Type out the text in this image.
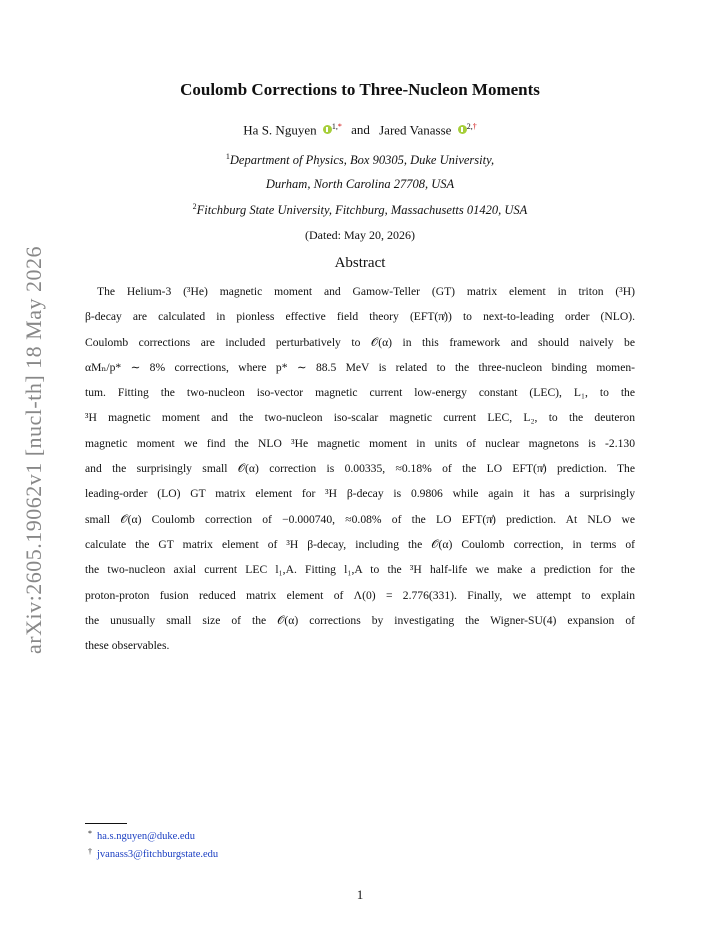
arXiv:2605.19062v1 [nucl-th] 18 May 2026
Coulomb Corrections to Three-Nucleon Moments
Ha S. Nguyen $^{1,*}$ and Jared Vanasse $^{2,\dagger}$
$^1$Department of Physics, Box 90305, Duke University,
Durham, North Carolina 27708, USA
$^2$Fitchburg State University, Fitchburg, Massachusetts 01420, USA
(Dated: May 20, 2026)
Abstract
The Helium-3 (³He) magnetic moment and Gamow-Teller (GT) matrix element in triton (³H)
β-decay are calculated in pionless effective field theory (EFT(π̸)) to next-to-leading order (NLO).
Coulomb corrections are included perturbatively to 𝒪(α) in this framework and should naively be
αMₙ/p* ∼ 8% corrections, where p* ∼ 88.5 MeV is related to the three-nucleon binding momen-
tum. Fitting the two-nucleon iso-vector magnetic current low-energy constant (LEC), L₁, to the
³H magnetic moment and the two-nucleon iso-scalar magnetic current LEC, L₂, to the deuteron
magnetic moment we find the NLO ³He magnetic moment in units of nuclear magnetons is -2.130
and the surprisingly small 𝒪(α) correction is 0.00335, ≈0.18% of the LO EFT(π̸) prediction. The
leading-order (LO) GT matrix element for ³H β-decay is 0.9806 while again it has a surprisingly
small 𝒪(α) Coulomb correction of −0.000740, ≈0.08% of the LO EFT(π̸) prediction. At NLO we
calculate the GT matrix element of ³H β-decay, including the 𝒪(α) Coulomb correction, in terms of
the two-nucleon axial current LEC l₁,A. Fitting l₁,A to the ³H half-life we make a prediction for the
proton-proton fusion reduced matrix element of Λ(0) = 2.776(331). Finally, we attempt to explain
the unusually small size of the 𝒪(α) corrections by investigating the Wigner-SU(4) expansion of
these observables.
* ha.s.nguyen@duke.edu
† jvanass3@fitchburgstate.edu
1
